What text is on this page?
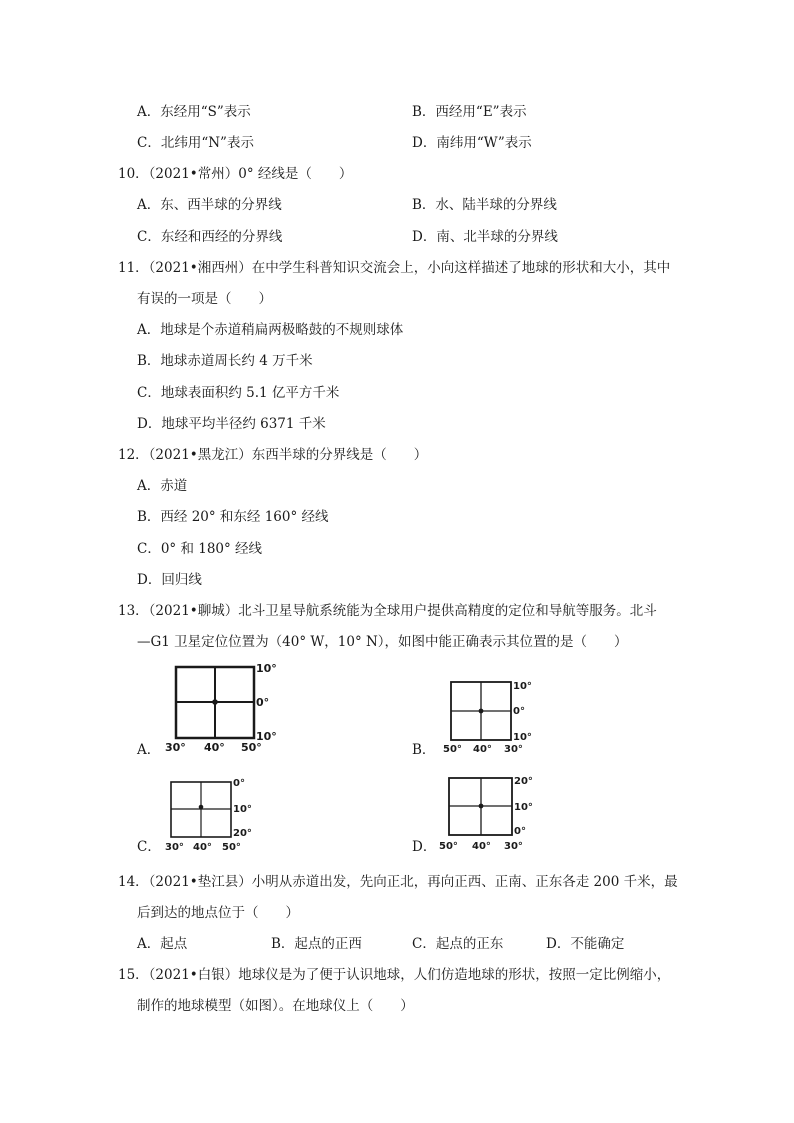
A．东经用“S”表示	B．西经用“E”表示
C．北纬用“N”表示	D．南纬用“W”表示
10．（2021•常州）0° 经线是（　　）
A．东、西半球的分界线	B．水、陆半球的分界线
C．东经和西经的分界线	D．南、北半球的分界线
11．（2021•湘西州）在中学生科普知识交流会上，小向这样描述了地球的形状和大小，其中
有误的一项是（　　）
A．地球是个赤道稍扁两极略鼓的不规则球体
B．地球赤道周长约 4 万千米
C．地球表面积约 5.1 亿平方千米
D．地球平均半径约 6371 千米
12．（2021•黑龙江）东西半球的分界线是（　　）
A．赤道
B．西经 20° 和东经 160° 经线
C．0° 和 180° 经线
D．回归线
13．（2021•聊城）北斗卫星导航系统能为全球用户提供高精度的定位和导航等服务。北斗
—G1 卫星定位位置为（40° W，10° N），如图中能正确表示其位置的是（　　）
A．
10°
0°
10°
30° 40° 50°	B．
10°
0°
10°
50° 40° 30°
C．
0°
10°
20°
30° 40° 50°	D．
20°
10°
0°
50° 40° 30°
14．（2021•垫江县）小明从赤道出发，先向正北，再向正西、正南、正东各走 200 千米，最
后到达的地点位于（　　）
A．起点	B．起点的正西	C．起点的正东	D．不能确定
15．（2021•白银）地球仪是为了便于认识地球，人们仿造地球的形状，按照一定比例缩小，
制作的地球模型（如图）。在地球仪上（　　）
